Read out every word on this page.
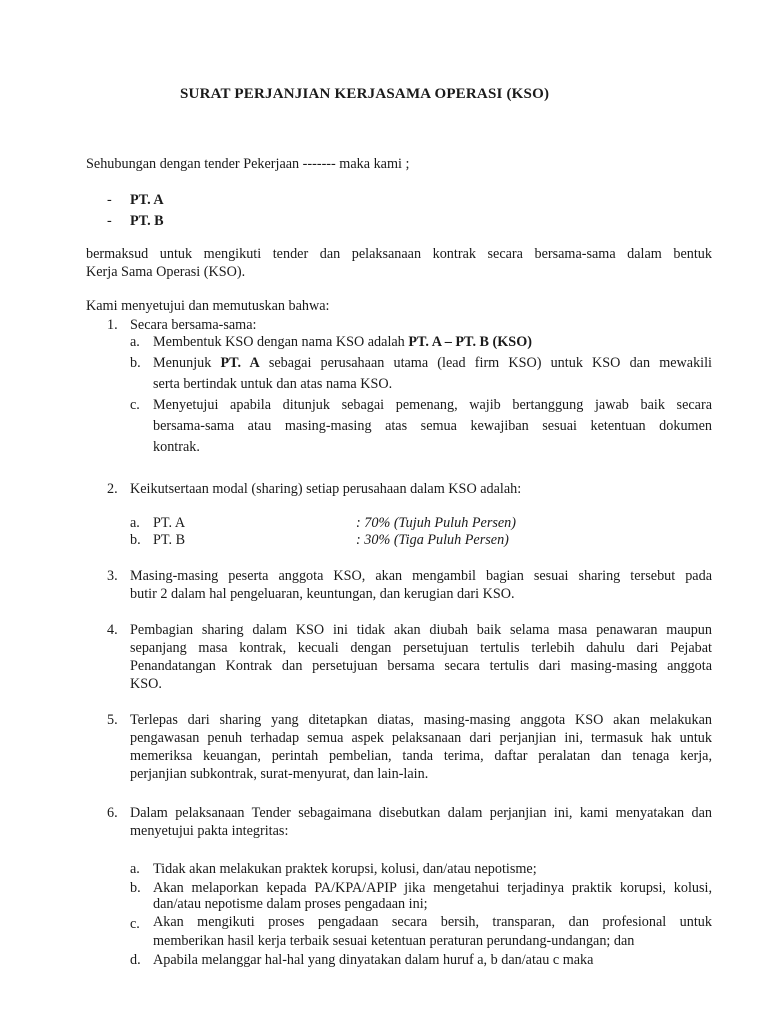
SURAT PERJANJIAN KERJASAMA OPERASI (KSO)
Sehubungan dengan tender Pekerjaan ------- maka kami ;
- PT. A
- PT. B
bermaksud untuk mengikuti tender dan pelaksanaan kontrak secara bersama-sama dalam bentuk
Kerja Sama Operasi (KSO).
Kami menyetujui dan memutuskan bahwa:
1. Secara bersama-sama:
a. Membentuk KSO dengan nama KSO adalah PT. A – PT. B (KSO)
b. Menunjuk PT. A sebagai perusahaan utama (lead firm KSO) untuk KSO dan mewakili
serta bertindak untuk dan atas nama KSO.
c. Menyetujui apabila ditunjuk sebagai pemenang, wajib bertanggung jawab baik secara
bersama-sama atau masing-masing atas semua kewajiban sesuai ketentuan dokumen
kontrak.
2. Keikutsertaan modal (sharing) setiap perusahaan dalam KSO adalah:
a. PT. A	: 70% (Tujuh Puluh Persen)
b. PT. B	: 30% (Tiga Puluh Persen)
3. Masing-masing peserta anggota KSO, akan mengambil bagian sesuai sharing tersebut pada
butir 2 dalam hal pengeluaran, keuntungan, dan kerugian dari KSO.
4. Pembagian sharing dalam KSO ini tidak akan diubah baik selama masa penawaran maupun
sepanjang masa kontrak, kecuali dengan persetujuan tertulis terlebih dahulu dari Pejabat
Penandatangan Kontrak dan persetujuan bersama secara tertulis dari masing-masing anggota
KSO.
5. Terlepas dari sharing yang ditetapkan diatas, masing-masing anggota KSO akan melakukan
pengawasan penuh terhadap semua aspek pelaksanaan dari perjanjian ini, termasuk hak untuk
memeriksa keuangan, perintah pembelian, tanda terima, daftar peralatan dan tenaga kerja,
perjanjian subkontrak, surat-menyurat, dan lain-lain.
6. Dalam pelaksanaan Tender sebagaimana disebutkan dalam perjanjian ini, kami menyatakan dan
menyetujui pakta integritas:
a. Tidak akan melakukan praktek korupsi, kolusi, dan/atau nepotisme;
b. Akan melaporkan kepada PA/KPA/APIP jika mengetahui terjadinya praktik korupsi, kolusi,
dan/atau nepotisme dalam proses pengadaan ini;
c. Akan mengikuti proses pengadaan secara bersih, transparan, dan profesional untuk
memberikan hasil kerja terbaik sesuai ketentuan peraturan perundang-undangan; dan
d. Apabila melanggar hal-hal yang dinyatakan dalam huruf a, b dan/atau c maka
